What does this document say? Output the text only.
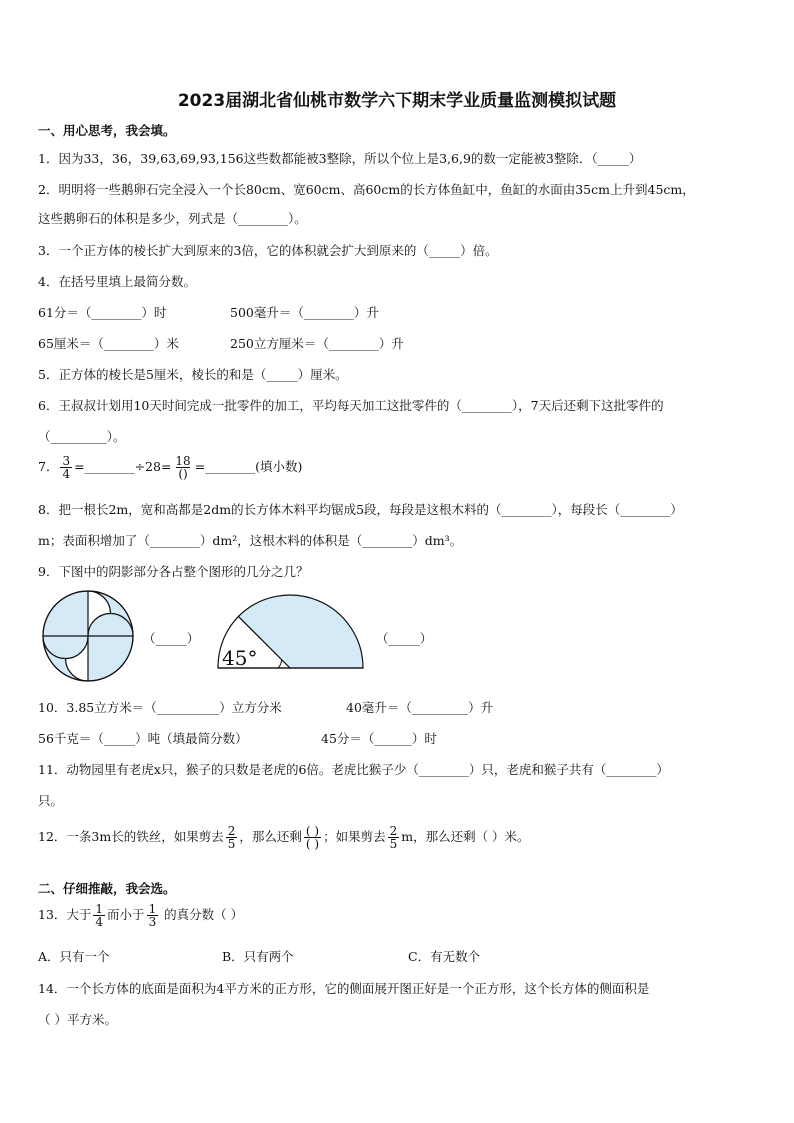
2023届湖北省仙桃市数学六下期末学业质量监测模拟试题
一、用心思考，我会填。
1．因为33，36，39,63,69,93,156这些数都能被3整除，所以个位上是3,6,9的数一定能被3整除．（_____）
2．明明将一些鹅卵石完全浸入一个长80cm、宽60cm、高60cm的长方体鱼缸中，鱼缸的水面由35cm上升到45cm，
这些鹅卵石的体积是多少，列式是（________）。
3．一个正方体的棱长扩大到原来的3倍，它的体积就会扩大到原来的（_____）倍。
4．在括号里填上最简分数。
61分＝（________）时	500毫升＝（________）升
65厘米＝（________）米	250立方厘米＝（________）升
5．正方体的棱长是5厘米，棱长的和是（_____）厘米。
6．王叔叔计划用10天时间完成一批零件的加工，平均每天加工这批零件的（________），7天后还剩下这批零件的
（_________）。
7． $\frac{3}{4}$ =________÷28= $\frac{18}{()}$ =________(填小数)
8．把一根长2m，宽和高都是2dm的长方体木料平均锯成5段，每段是这根木料的（________），每段长（________）
m；表面积增加了（________）dm²，这根木料的体积是（________）dm³。
9．下图中的阴影部分各占整个图形的几分之几？
（_____）
45°
（_____）
10．3.85立方米＝（__________）立方分米	40毫升＝（_________）升
56千克＝（_____）吨（填最简分数）	45分＝（______）时
11．动物园里有老虎x只，猴子的只数是老虎的6倍。老虎比猴子少（________）只，老虎和猴子共有（________）
只。
12．一条3m长的铁丝，如果剪去 $\frac{2}{5}$ ，那么还剩 $\frac{( )}{( )}$ ；如果剪去 $\frac{2}{5}$ m，那么还剩（ ）米。
二、仔细推敲，我会选。
13．大于 $\frac{1}{4}$ 而小于 $\frac{1}{3}$ 的真分数（ ）
A．只有一个	B．只有两个	C．有无数个
14．一个长方体的底面是面积为4平方米的正方形，它的侧面展开图正好是一个正方形，这个长方体的侧面积是
（ ）平方米。
